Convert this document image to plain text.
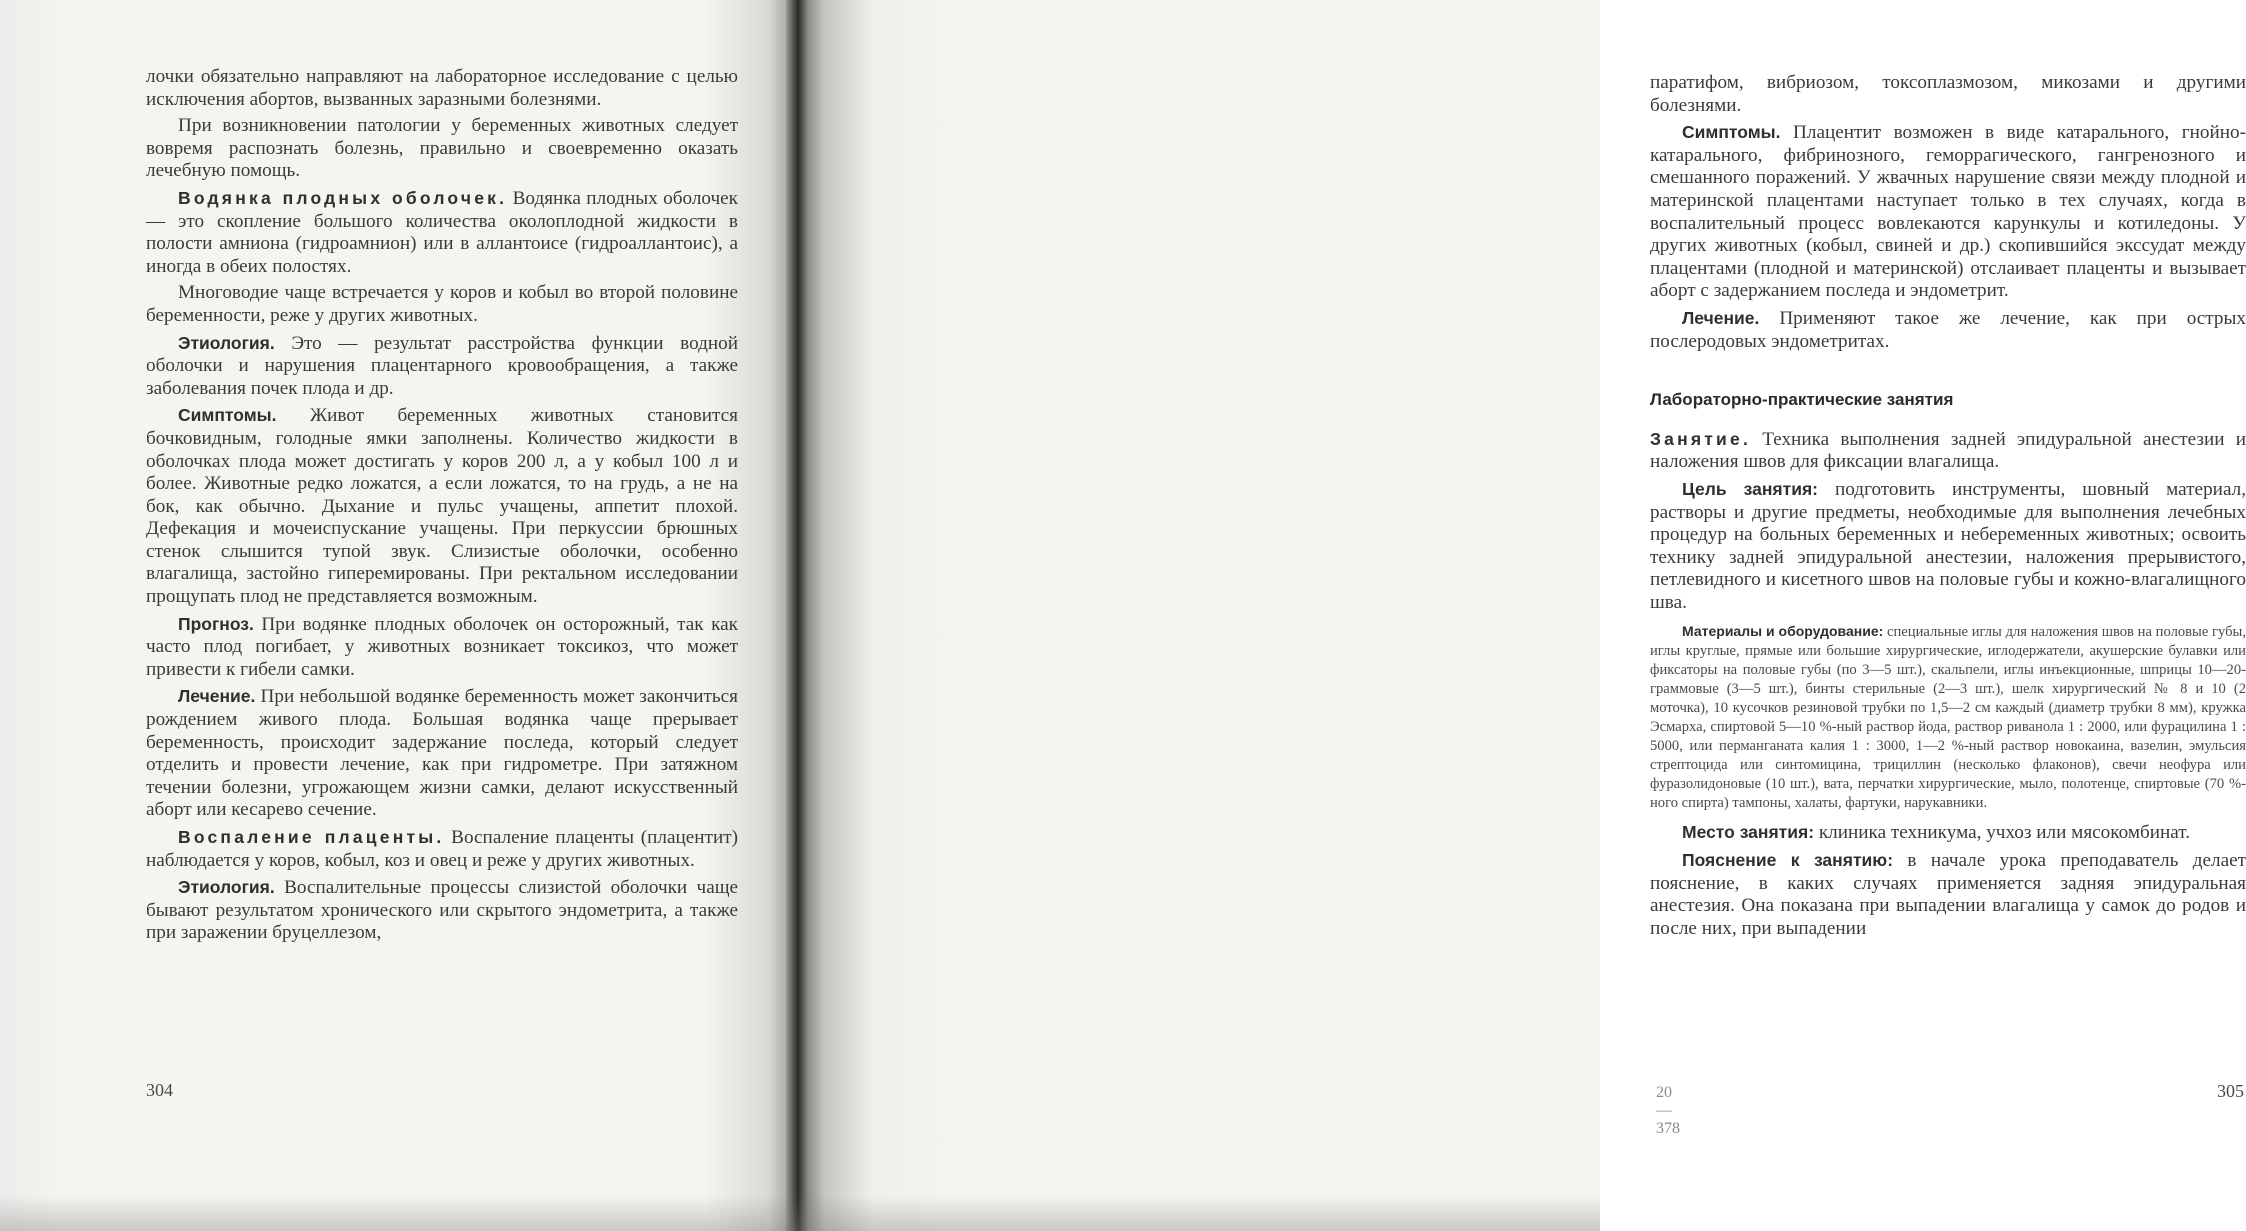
лочки обязательно направляют на лабораторное исследование с целью исключения абортов, вызванных заразными болезнями.

При возникновении патологии у беременных животных следует вовремя распознать болезнь, правильно и своевременно оказать лечебную помощь.

Водянка плодных оболочек. Водянка плодных оболочек — это скопление большого количества околоплодной жидкости в полости амниона (гидроамнион) или в аллантоисе (гидроаллантоис), а иногда в обеих полостях.

Многоводие чаще встречается у коров и кобыл во второй половине беременности, реже у других животных.

Этиология. Это — результат расстройства функции водной оболочки и нарушения плацентарного кровообращения, а также заболевания почек плода и др.

Симптомы. Живот беременных животных становится бочковидным, голодные ямки заполнены. Количество жидкости в оболочках плода может достигать у коров 200 л, а у кобыл 100 л и более. Животные редко ложатся, а если ложатся, то на грудь, а не на бок, как обычно. Дыхание и пульс учащены, аппетит плохой. Дефекация и мочеиспускание учащены. При перкуссии брюшных стенок слышится тупой звук. Слизистые оболочки, особенно влагалища, застойно гиперемированы. При ректальном исследовании прощупать плод не представляется возможным.

Прогноз. При водянке плодных оболочек он осторожный, так как часто плод погибает, у животных возникает токсикоз, что может привести к гибели самки.

Лечение. При небольшой водянке беременность может закончиться рождением живого плода. Большая водянка чаще прерывает беременность, происходит задержание последа, который следует отделить и провести лечение, как при гидрометре. При затяжном течении болезни, угрожающем жизни самки, делают искусственный аборт или кесарево сечение.

Воспаление плаценты. Воспаление плаценты (плацентит) наблюдается у коров, кобыл, коз и овец и реже у других животных.

Этиология. Воспалительные процессы слизистой оболочки чаще бывают результатом хронического или скрытого эндометрита, а также при заражении бруцеллезом,

304

паратифом, вибриозом, токсоплазмозом, микозами и другими болезнями.

Симптомы. Плацентит возможен в виде катарального, гнойно-катарального, фибринозного, геморрагического, гангренозного и смешанного поражений. У жвачных нарушение связи между плодной и материнской плацентами наступает только в тех случаях, когда в воспалительный процесс вовлекаются карункулы и котиледоны. У других животных (кобыл, свиней и др.) скопившийся экссудат между плацентами (плодной и материнской) отслаивает плаценты и вызывает аборт с задержанием последа и эндометрит.

Лечение. Применяют такое же лечение, как при острых послеродовых эндометритах.

Лабораторно-практические занятия

Занятие. Техника выполнения задней эпидуральной анестезии и наложения швов для фиксации влагалища.

Цель занятия: подготовить инструменты, шовный материал, растворы и другие предметы, необходимые для выполнения лечебных процедур на больных беременных и небеременных животных; освоить технику задней эпидуральной анестезии, наложения прерывистого, петлевидного и кисетного швов на половые губы и кожно-влагалищного шва.

Материалы и оборудование: специальные иглы для наложения швов на половые губы, иглы круглые, прямые или большие хирургические, иглодержатели, акушерские булавки или фиксаторы на половые губы (по 3—5 шт.), скальпели, иглы инъекционные, шприцы 10—20-граммовые (3—5 шт.), бинты стерильные (2—3 шт.), шелк хирургический № 8 и 10 (2 моточка), 10 кусочков резиновой трубки по 1,5—2 см каждый (диаметр трубки 8 мм), кружка Эсмарха, спиртовой 5—10 %-ный раствор йода, раствор риванола 1 : 2000, или фурацилина 1 : 5000, или перманганата калия 1 : 3000, 1—2 %-ный раствор новокаина, вазелин, эмульсия стрептоцида или синтомицина, трициллин (несколько флаконов), свечи неофура или фуразолидоновые (10 шт.), вата, перчатки хирургические, мыло, полотенце, спиртовые (70 %-ного спирта) тампоны, халаты, фартуки, нарукавники.

Место занятия: клиника техникума, учхоз или мясокомбинат.

Пояснение к занятию: в начале урока преподаватель делает пояснение, в каких случаях применяется задняя эпидуральная анестезия. Она показана при выпадении влагалища у самок до родов и после них, при выпадении

20—378
305
